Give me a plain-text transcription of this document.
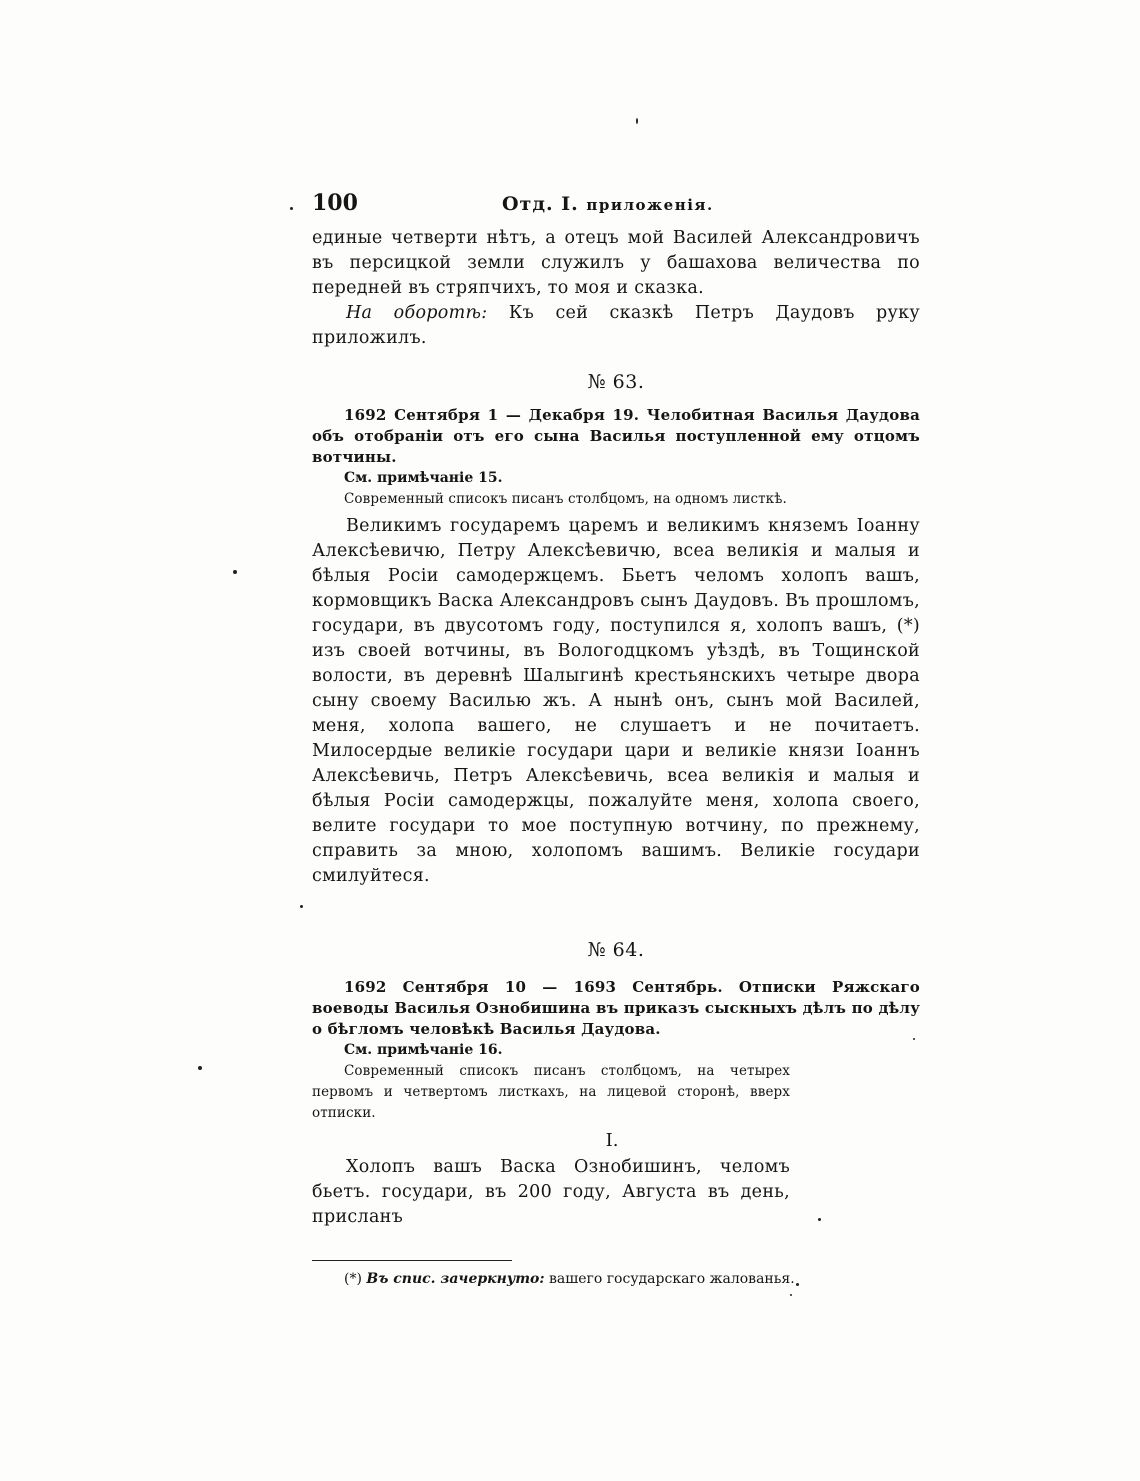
100	Отд. I. приложенія.

единые четверти нѣтъ, а отецъ мой Василей Александровичъ въ персицкой земли служилъ у башахова величества по передней въ стряпчихъ, то моя и сказка.

На оборотѣ: Къ сей сказкѣ Петръ Даудовъ руку приложилъ.

№ 63.

1692 Сентября 1 — Декабря 19. Челобитная Василья Даудова объ отобраніи отъ его сына Василья поступленной ему отцомъ вотчины.

См. примѣчаніе 15.

Современный списокъ писанъ столбцомъ, на одномъ листкѣ.

Великимъ государемъ царемъ и великимъ княземъ Іоанну Алексѣевичю, Петру Алексѣевичю, всеа великія и малыя и бѣлыя Росіи самодержцемъ. Бьетъ челомъ холопъ вашъ, кормовщикъ Васка Александровъ сынъ Даудовъ. Въ прошломъ, государи, въ двусотомъ году, поступился я, холопъ вашъ, (*) изъ своей вотчины, въ Вологодцкомъ уѣздѣ, въ Тощинской волости, въ деревнѣ Шалыгинѣ крестьянскихъ четыре двора сыну своему Василью жъ. А нынѣ онъ, сынъ мой Василей, меня, холопа вашего, не слушаетъ и не почитаетъ. Милосердые великіе государи цари и великіе князи Іоаннъ Алексѣевичь, Петръ Алексѣевичь, всеа великія и малыя и бѣлыя Росіи самодержцы, пожалуйте меня, холопа своего, велите государи то мое поступную вотчину, по прежнему, справить за мною, холопомъ вашимъ. Великіе государи смилуйтеся.

№ 64.

1692 Сентября 10 — 1693 Сентябрь. Отписки Ряжскаго воеводы Василья Ознобишина въ приказъ сыскныхъ дѣлъ по дѣлу о бѣгломъ человѣкѣ Василья Даудова.

См. примѣчаніе 16.

Современный списокъ писанъ столбцомъ, на четырех первомъ и четвертомъ листкахъ, на лицевой сторонѣ, вверх отписки.

I.

Холопъ вашъ Васка Ознобишинъ, челомъ бьетъ. государи, въ 200 году, Августа въ день, присланъ

(*) Въ спис. зачеркнуто: вашего государскаго жалованья.
